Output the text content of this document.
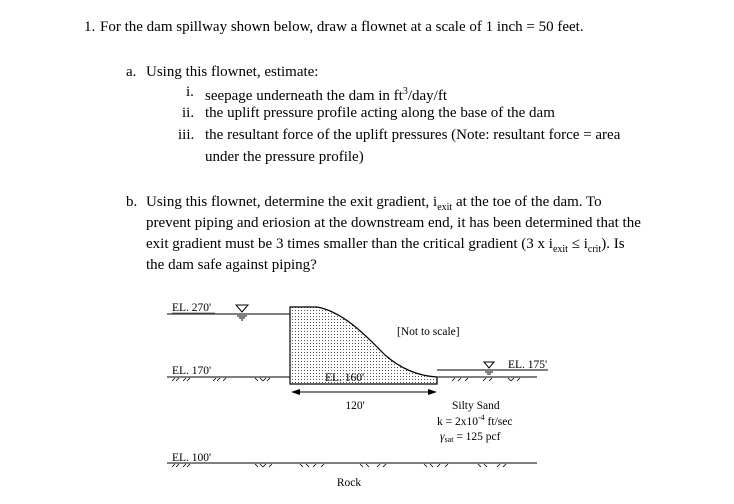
1. For the dam spillway shown below, draw a flownet at a scale of 1 inch = 50 feet.
a. Using this flownet, estimate:
i. seepage underneath the dam in $ft^3/day/ft$
ii. the uplift pressure profile acting along the base of the dam
iii. the resultant force of the uplift pressures (Note: resultant force = area
under the pressure profile)
b. Using this flownet, determine the exit gradient, $i_{exit}$ at the toe of the dam. To
prevent piping and eriosion at the downstream end, it has been determined that the
exit gradient must be 3 times smaller than the critical gradient (3 x $i_{exit} \le i_{crit}$). Is
the dam safe against piping?
EL. 270'
EL. 170'
EL. 160'
EL. 175'
EL. 100'
[Not to scale]
120'	Silty Sand
$k = 2x10^{-4}$ ft/sec
γsat = 125 pcf
Rock
